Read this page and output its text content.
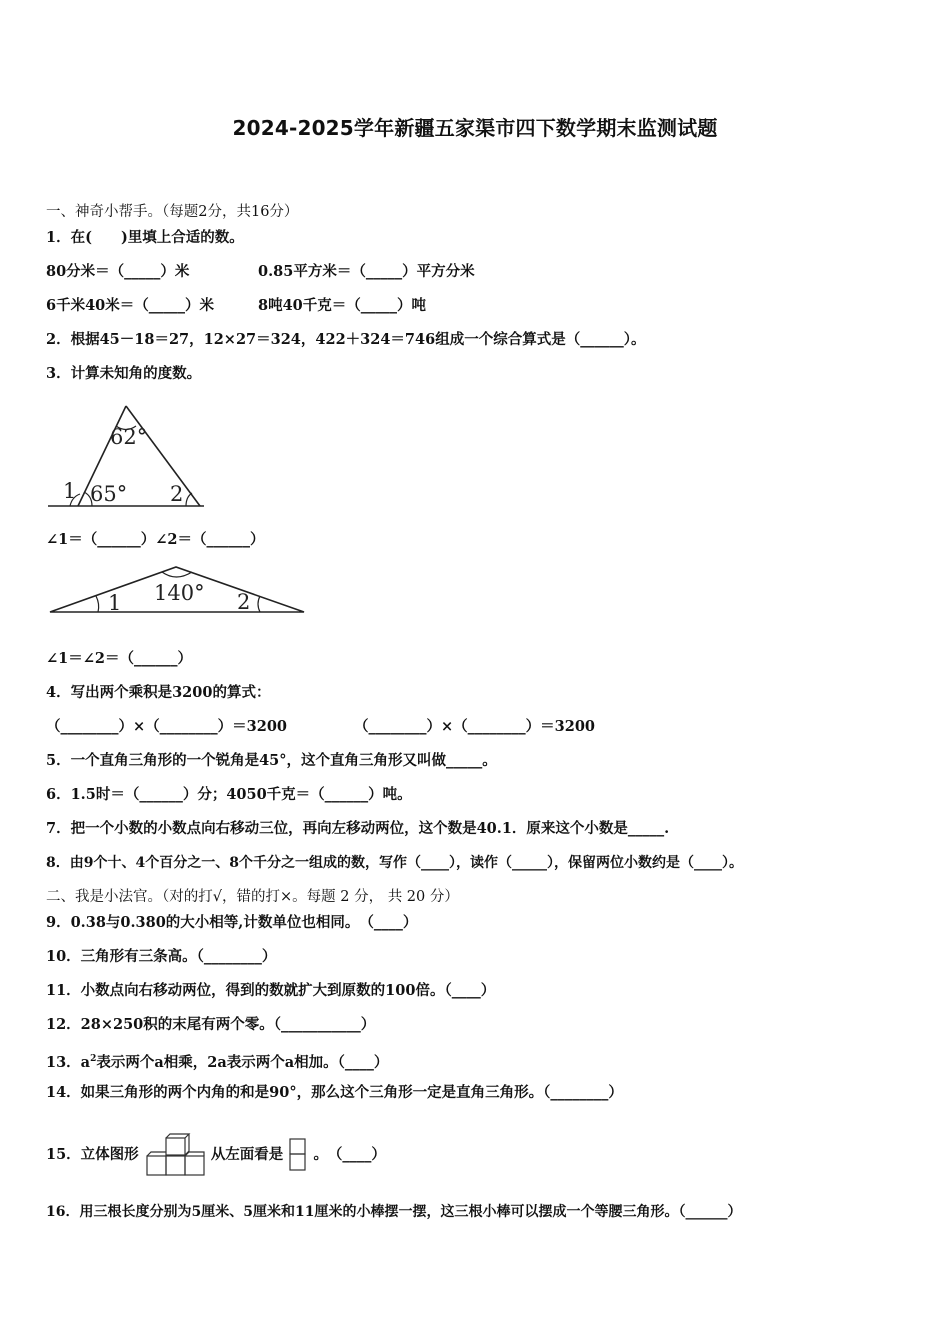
2024-2025学年新疆五家渠市四下数学期末监测试题
一、神奇小帮手。（每题2分，共16分）
1．在(　　)里填上合适的数。
80分米＝（_____）米	0.85平方米＝（_____）平方分米
6千米40米＝（_____）米	8吨40千克＝（_____）吨
2．根据45－18＝27，12×27＝324，422＋324＝746组成一个综合算式是（______）。
3．计算未知角的度数。
62°
1 65° 2
∠1＝（______）∠2＝（______）
140°
1	2
∠1＝∠2＝（______）
4．写出两个乘积是3200的算式：
（________）×（________）＝3200	（________）×（________）＝3200
5．一个直角三角形的一个锐角是45°，这个直角三角形又叫做_____。
6．1.5时＝（______）分；4050千克＝（______）吨。
7．把一个小数的小数点向右移动三位，再向左移动两位，这个数是40.1．原来这个小数是_____.
8．由9个十、4个百分之一、8个千分之一组成的数，写作（____），读作（_____），保留两位小数约是（____）。
二、我是小法官。（对的打√，错的打×。每题 2 分， 共 20 分）
9．0.38与0.380的大小相等,计数单位也相同。　（____）
10．三角形有三条高。（________）
11．小数点向右移动两位，得到的数就扩大到原数的100倍。（____）
12．28×250积的末尾有两个零。（___________）
13．$a^2$表示两个a相乘，2a表示两个a相加。（____）
14．如果三角形的两个内角的和是90°，那么这个三角形一定是直角三角形。（________）
15．立体图形	从左面看是 。　（____）
16．用三根长度分别为5厘米、5厘米和11厘米的小棒摆一摆，这三根小棒可以摆成一个等腰三角形。（______）
